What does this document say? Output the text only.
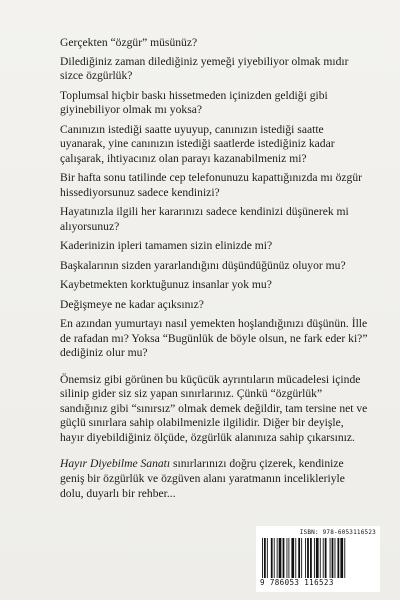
Gerçekten “özgür” müsünüz?

Dilediğiniz zaman dilediğiniz yemeği yiyebiliyor olmak mıdır sizce özgürlük?

Toplumsal hiçbir baskı hissetmeden içinizden geldiği gibi giyinebiliyor olmak mı yoksa?

Canınızın istediği saatte uyuyup, canınızın istediği saatte uyanarak, yine canınızın istediği saatlerde istediğiniz kadar çalışarak, ihtiyacınız olan parayı kazanabilmeniz mi?

Bir hafta sonu tatilinde cep telefonunuzu kapattığınızda mı özgür hissediyorsunuz sadece kendinizi?

Hayatınızla ilgili her kararınızı sadece kendinizi düşünerek mi alıyorsunuz?

Kaderinizin ipleri tamamen sizin elinizde mi?

Başkalarının sizden yararlandığını düşündüğünüz oluyor mu?

Kaybetmekten korktuğunuz insanlar yok mu?

Değişmeye ne kadar açıksınız?

En azından yumurtayı nasıl yemekten hoşlandığınızı düşünün. İlle de rafadan mı? Yoksa “Bugünlük de böyle olsun, ne fark eder ki?” dediğiniz olur mu?

Önemsiz gibi görünen bu küçücük ayrıntıların mücadelesi içinde silinip gider siz siz yapan sınırlarınız. Çünkü “özgürlük” sandığınız gibi “sınırsız” olmak demek değildir, tam tersine net ve güçlü sınırlara sahip olabilmenizle ilgilidir. Diğer bir deyişle, hayır diyebildiğiniz ölçüde, özgürlük alanınıza sahip çıkarsınız.

Hayır Diyebilme Sanatı sınırlarınızı doğru çizerek, kendinize geniş bir özgürlük ve özgüven alanı yaratmanın incelikleriyle dolu, duyarlı bir rehber...

ISBN: 978-6053116523
9 786053 116523
